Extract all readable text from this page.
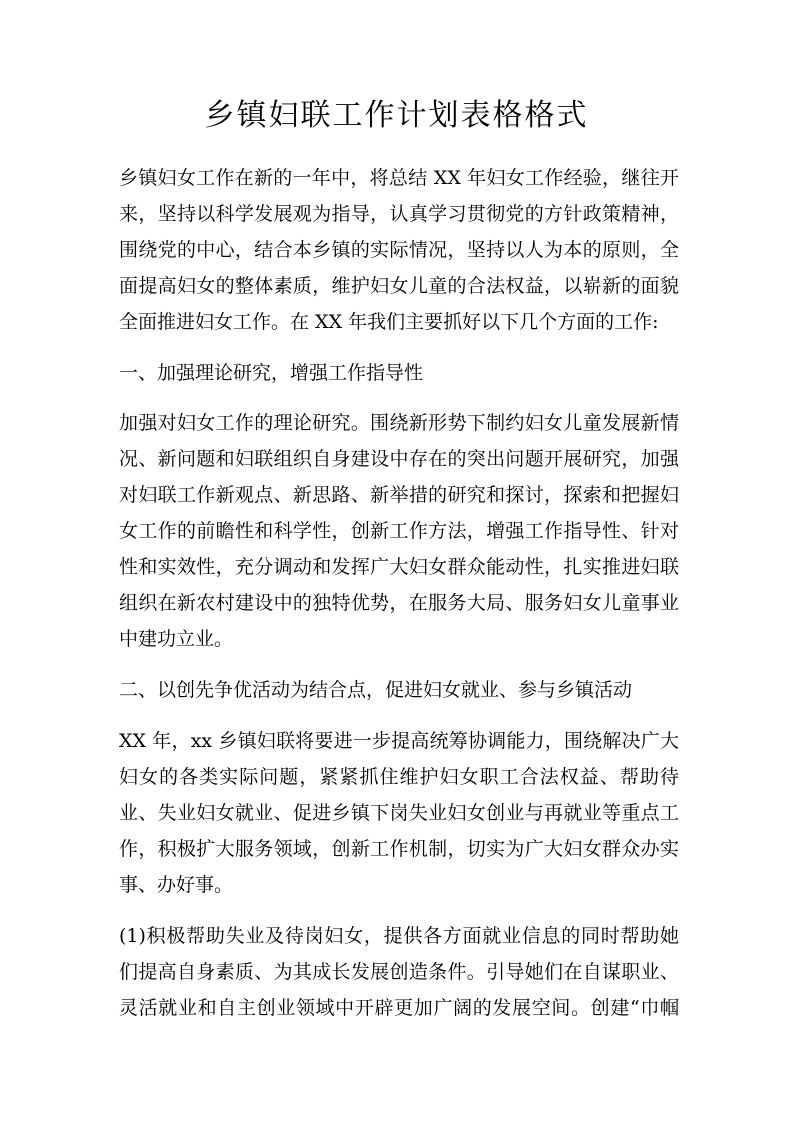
乡镇妇联工作计划表格格式
乡镇妇女工作在新的一年中，将总结 XX 年妇女工作经验，继往开
来，坚持以科学发展观为指导，认真学习贯彻党的方针政策精神，
围绕党的中心，结合本乡镇的实际情况，坚持以人为本的原则，全
面提高妇女的整体素质，维护妇女儿童的合法权益，以崭新的面貌
全面推进妇女工作。在 XX 年我们主要抓好以下几个方面的工作:
一、加强理论研究，增强工作指导性
加强对妇女工作的理论研究。围绕新形势下制约妇女儿童发展新情
况、新问题和妇联组织自身建设中存在的突出问题开展研究，加强
对妇联工作新观点、新思路、新举措的研究和探讨，探索和把握妇
女工作的前瞻性和科学性，创新工作方法，增强工作指导性、针对
性和实效性，充分调动和发挥广大妇女群众能动性，扎实推进妇联
组织在新农村建设中的独特优势，在服务大局、服务妇女儿童事业
中建功立业。
二、以创先争优活动为结合点，促进妇女就业、参与乡镇活动
XX 年，xx 乡镇妇联将要进一步提高统筹协调能力，围绕解决广大
妇女的各类实际问题，紧紧抓住维护妇女职工合法权益、帮助待
业、失业妇女就业、促进乡镇下岗失业妇女创业与再就业等重点工
作，积极扩大服务领域，创新工作机制，切实为广大妇女群众办实
事、办好事。
(1)积极帮助失业及待岗妇女，提供各方面就业信息的同时帮助她
们提高自身素质、为其成长发展创造条件。引导她们在自谋职业、
灵活就业和自主创业领域中开辟更加广阔的发展空间。创建“巾帼
